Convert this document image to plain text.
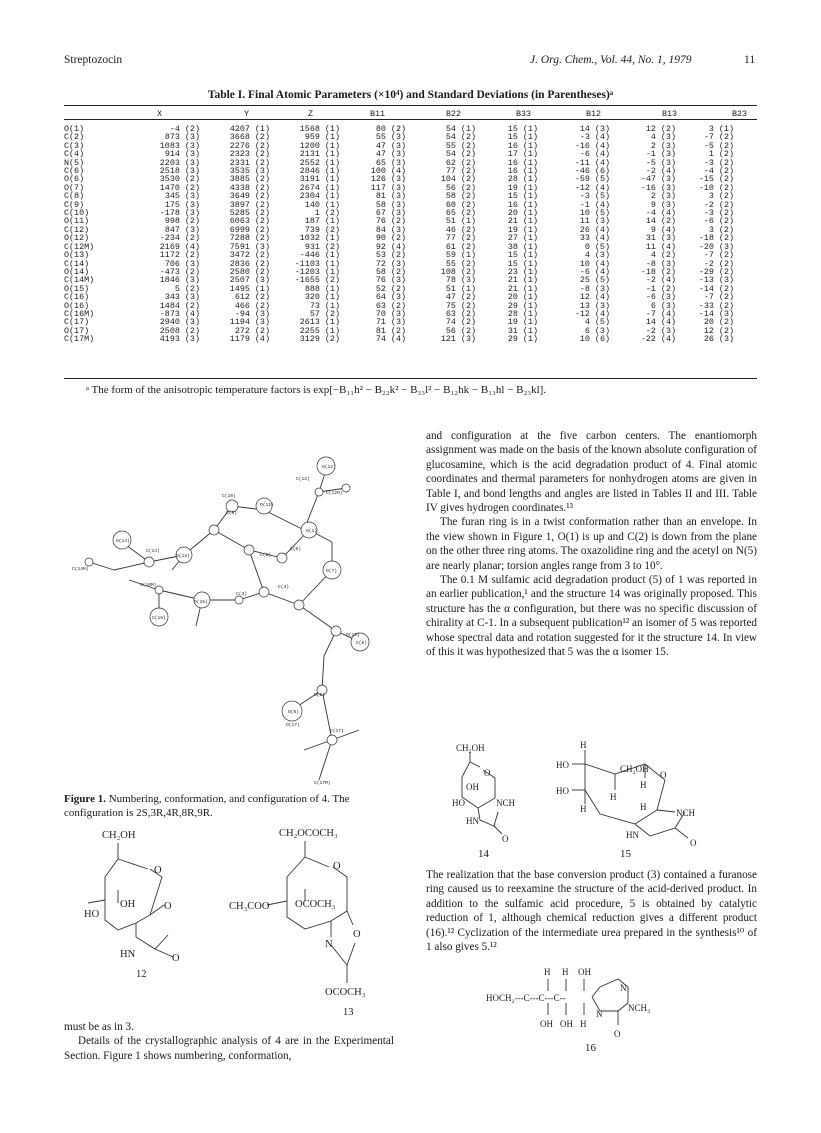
Streptozocin	J. Org. Chem., Vol. 44, No. 1, 1979	11
Table I. Final Atomic Parameters (×10⁴) and Standard Deviations (in Parentheses)ᵃ
X	Y	Z	B11	B22	B33	B12	B13	B23
O(1)	-4 (2)	4207 (1)	1568 (1)	80 (2)	54 (1)	15 (1)	14 (3)	12 (2)	3 (1)
C(2)	873 (3)	3668 (2)	959 (1)	55 (3)	54 (2)	15 (1)	-3 (4)	4 (3)	-7 (2)
C(3)	1083 (3)	2276 (2)	1200 (1)	47 (3)	55 (2)	16 (1)	-16 (4)	2 (3)	-5 (2)
C(4)	914 (3)	2323 (2)	2131 (1)	47 (3)	54 (2)	17 (1)	-6 (4)	-1 (3)	1 (2)
N(5)	2203 (3)	2331 (2)	2552 (1)	65 (3)	62 (2)	16 (1)	-11 (4)	-5 (3)	-3 (2)
C(6)	2518 (3)	3535 (3)	2846 (1)	100 (4)	77 (2)	16 (1)	-46 (6)	-2 (4)	-4 (2)
O(6)	3530 (2)	3885 (2)	3191 (1)	126 (3)	104 (2)	28 (1)	-59 (5)	-47 (3)	-15 (2)
O(7)	1470 (2)	4338 (2)	2674 (1)	117 (3)	56 (2)	19 (1)	-12 (4)	-16 (3)	-10 (2)
C(8)	345 (3)	3649 (2)	2304 (1)	81 (3)	58 (2)	15 (1)	-3 (5)	2 (3)	3 (2)
C(9)	175 (3)	3897 (2)	140 (1)	58 (3)	60 (2)	16 (1)	-1 (4)	9 (3)	-2 (2)
C(10)	-178 (3)	5285 (2)	1 (2)	67 (3)	65 (2)	20 (1)	10 (5)	-4 (4)	-3 (2)
O(11)	998 (2)	6063 (2)	187 (1)	76 (2)	51 (1)	21 (1)	11 (3)	14 (2)	-6 (2)
C(12)	847 (3)	6999 (2)	739 (2)	84 (3)	46 (2)	19 (1)	26 (4)	9 (4)	3 (2)
O(12)	-234 (2)	7288 (2)	1032 (1)	90 (2)	77 (2)	27 (1)	33 (4)	31 (3)	-18 (2)
C(12M)	2169 (4)	7591 (3)	931 (2)	92 (4)	61 (2)	38 (1)	0 (5)	11 (4)	-20 (3)
O(13)	1172 (2)	3472 (2)	-446 (1)	53 (2)	59 (1)	15 (1)	4 (3)	4 (2)	-7 (2)
C(14)	706 (3)	2836 (2)	-1103 (1)	72 (3)	55 (2)	15 (1)	10 (4)	-8 (3)	-2 (2)
O(14)	-473 (2)	2580 (2)	-1203 (1)	58 (2)	108 (2)	23 (1)	-6 (4)	-18 (2)	-29 (2)
C(14M)	1846 (3)	2507 (3)	-1655 (2)	76 (3)	78 (3)	21 (1)	25 (5)	-2 (4)	-13 (3)
O(15)	5 (2)	1495 (1)	888 (1)	52 (2)	51 (1)	21 (1)	-8 (3)	-1 (2)	-14 (2)
C(16)	343 (3)	612 (2)	320 (1)	64 (3)	47 (2)	20 (1)	12 (4)	-6 (3)	-7 (2)
O(16)	1484 (2)	466 (2)	73 (1)	63 (2)	75 (2)	29 (1)	13 (3)	6 (3)	-33 (2)
C(16M)	-873 (4)	-94 (3)	57 (2)	70 (3)	63 (2)	28 (1)	-12 (4)	-7 (4)	-14 (3)
C(17)	2940 (3)	1194 (3)	2613 (1)	71 (3)	74 (2)	19 (1)	4 (5)	14 (4)	20 (2)
O(17)	2508 (2)	272 (2)	2255 (1)	81 (2)	56 (2)	31 (1)	6 (3)	-2 (3)	12 (2)
C(17M)	4193 (3)	1179 (4)	3129 (2)	74 (4)	121 (3)	29 (1)	10 (6)	-22 (4)	26 (3)
ᵃ The form of the anisotropic temperature factors is exp[−B₁₁h² − B₂₂k² − B₃₃l² − B₁₂hk − B₁₃hl − B₂₃kl].
O(12)
C(12)
C(10)
O(11)
C(12M)
O(14)
C(14)
O(13)
C(9)
C(14M)
O(1)
C(2)
C(8)
C(16M)
O(15)
C(3)
C(4)
O(7)
C(16)
O(16)
C(6)
N(5)
O(6)
C(17)
O(17)
C(17M)
Figure 1. Numbering, conformation, and configuration of 4. The configuration is 2S,3R,4R,8R,9R.
CH₂OH
O
OH
HO
O
HN	O
12
CH₂OCOCH₃
O
OCOCH₃
CH₃COO
N
O
OCOCH₃
13

must be as in 3.

Details of the crystallographic analysis of 4 are in the Experimental Section. Figure 1 shows numbering, conformation,

and configuration at the five carbon centers. The enantiomorph assignment was made on the basis of the known absolute configuration of glucosamine, which is the acid degradation product of 4. Final atomic coordinates and thermal parameters for nonhydrogen atoms are given in Table I, and bond lengths and angles are listed in Tables II and III. Table IV gives hydrogen coordinates.¹³

The furan ring is in a twist conformation rather than an envelope. In the view shown in Figure 1, O(1) is up and C(2) is down from the plane on the other three ring atoms. The oxazolidine ring and the acetyl on N(5) are nearly planar; torsion angles range from 3 to 10°.

The 0.1 M sulfamic acid degradation product (5) of 1 was reported in an earlier publication,¹ and the structure 14 was originally proposed. This structure has the α configuration, but there was no specific discussion of chirality at C-1. In a subsequent publication¹² an isomer of 5 was reported whose spectral data and rotation suggested for it the structure 14. In view of this it was hypothesized that 5 was the α isomer 15.

CH₂OH
O
OH
HO	NCH
HN
O
14
H
HO	CH₂OH
O
H
H
HO
NCH
H	H
HN
O
15

The realization that the base conversion product (3) contained a furanose ring caused us to reexamine the structure of the acid-derived product. In addition to the sulfamic acid procedure, 5 is obtained by catalytic reduction of 1, although chemical reduction gives a different product (16).¹² Cyclization of the intermediate urea prepared in the synthesis¹⁰ of 1 also gives 5.¹²

H H OH
HOCH₂---C---C---C--
N
NCH₃
N
OH OH H
O
16
